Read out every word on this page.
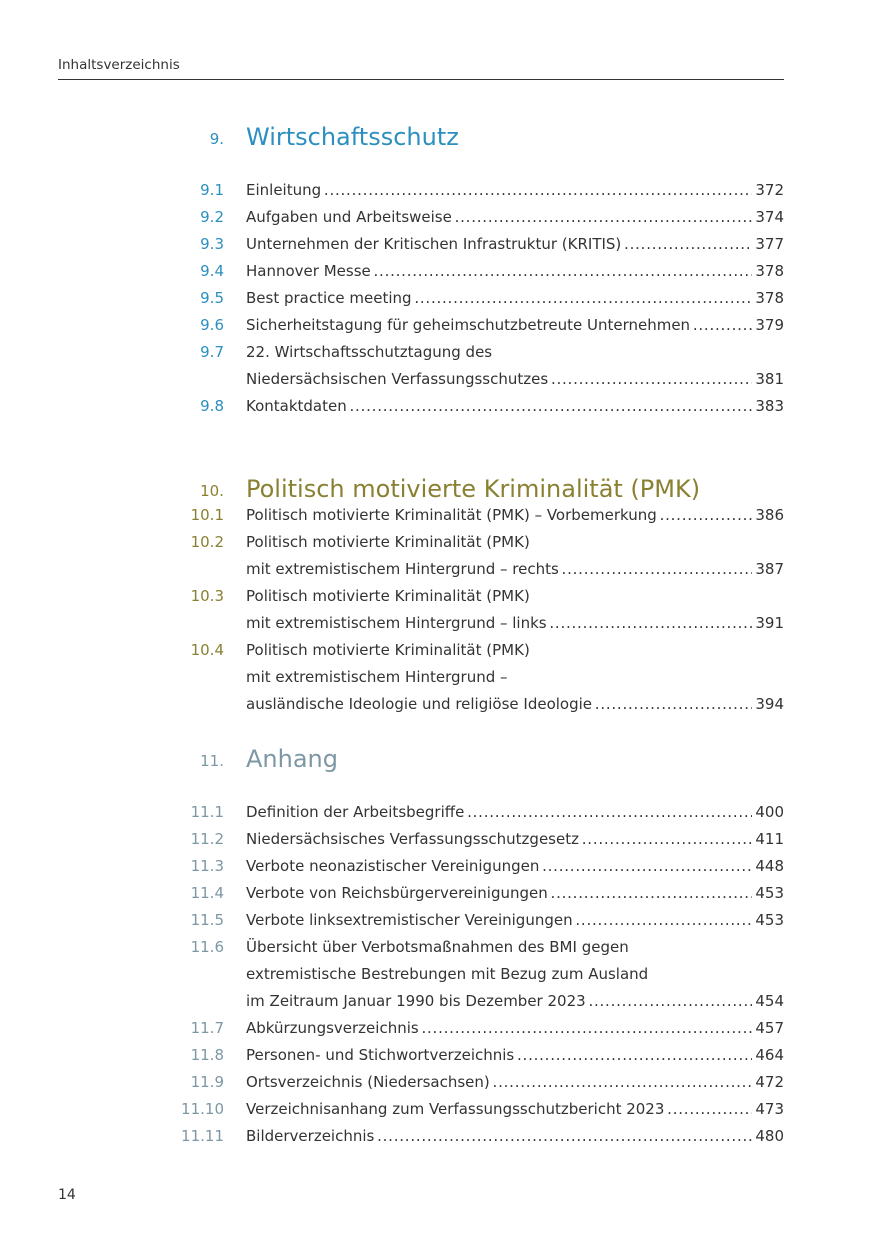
Inhaltsverzeichnis
9. Wirtschaftsschutz
9.1 Einleitung . . .	372
9.2 Aufgaben und Arbeitsweise . . .	374
9.3 Unternehmen der Kritischen Infrastruktur (KRITIS) . . .	377
9.4 Hannover Messe . . .	378
9.5 Best practice meeting . . .	378
9.6 Sicherheitstagung für geheimschutzbetreute Unternehmen . . .	379
9.7 22. Wirtschaftsschutztagung des
Niedersächsischen Verfassungsschutzes . . .	381
9.8 Kontaktdaten . . .	383
10. Politisch motivierte Kriminalität (PMK)
10.1 Politisch motivierte Kriminalität (PMK) – Vorbemerkung . . .	386
10.2 Politisch motivierte Kriminalität (PMK)
mit extremistischem Hintergrund – rechts . . .	387
10.3 Politisch motivierte Kriminalität (PMK)
mit extremistischem Hintergrund – links . . .	391
10.4 Politisch motivierte Kriminalität (PMK)
mit extremistischem Hintergrund –
ausländische Ideologie und religiöse Ideologie . . .	394
11. Anhang
11.1 Definition der Arbeitsbegriffe . . .	400
11.2 Niedersächsisches Verfassungsschutzgesetz . . .	411
11.3 Verbote neonazistischer Vereinigungen . . .	448
11.4 Verbote von Reichsbürgervereinigungen . . .	453
11.5 Verbote linksextremistischer Vereinigungen . . .	453
11.6 Übersicht über Verbotsmaßnahmen des BMI gegen
extremistische Bestrebungen mit Bezug zum Ausland
im Zeitraum Januar 1990 bis Dezember 2023 . . .	454
11.7 Abkürzungsverzeichnis . . .	457
11.8 Personen- und Stichwortverzeichnis . . .	464
11.9 Ortsverzeichnis (Niedersachsen) . . .	472
11.10 Verzeichnisanhang zum Verfassungsschutzbericht 2023 . . .	473
11.11 Bilderverzeichnis . . .	480
14
